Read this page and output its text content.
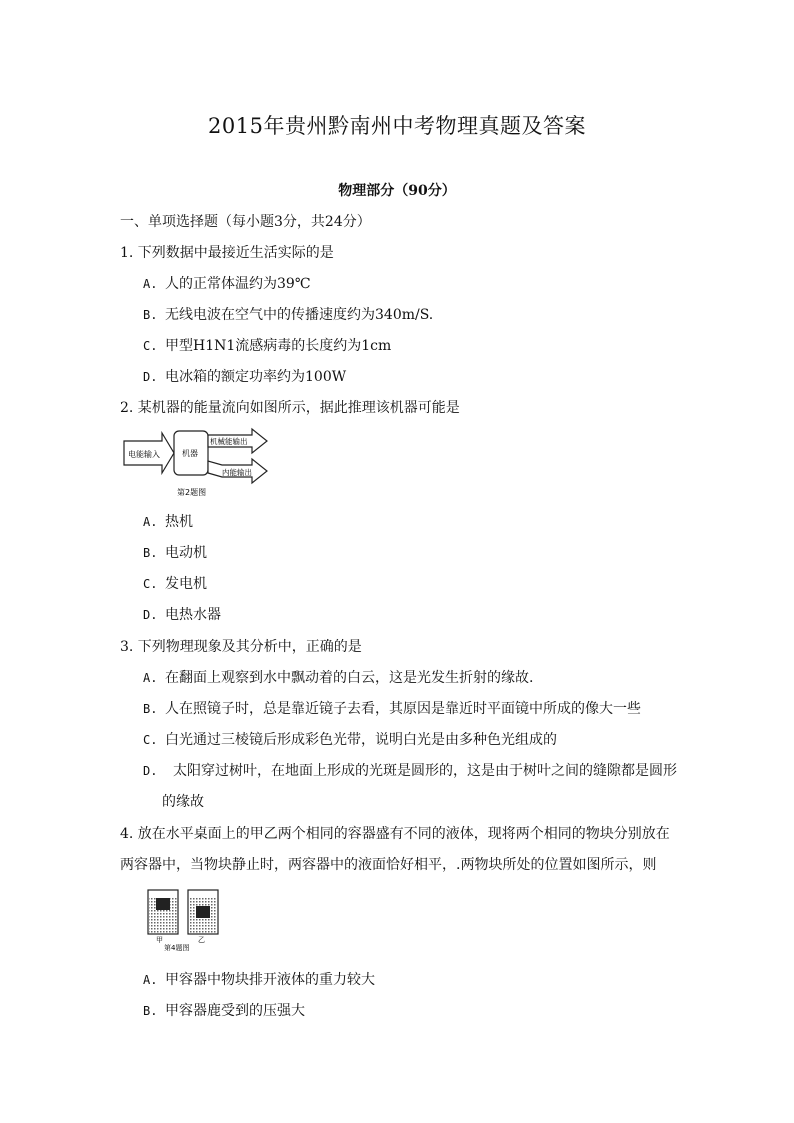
2015年贵州黔南州中考物理真题及答案
物理部分（90分）
一、单项选择题（每小题3分，共24分）
1. 下列数据中最接近生活实际的是
A. 人的正常体温约为39℃
B. 无线电波在空气中的传播速度约为340m/S.
C. 甲型H1N1流感病毒的长度约为1cm
D. 电冰箱的额定功率约为100W
2. 某机器的能量流向如图所示，据此推理该机器可能是
电能输入	机器
机械能输出
内能输出
第2题图
A. 热机
B. 电动机
C. 发电机
D. 电热水器
3. 下列物理现象及其分析中，正确的是
A. 在翻面上观察到水中飘动着的白云，这是光发生折射的缘故.
B. 人在照镜子时，总是靠近镜子去看，其原因是靠近时平面镜中所成的像大一些
C. 白光通过三棱镜后形成彩色光带，说明白光是由多种色光组成的
D. 太阳穿过树叶，在地面上形成的光斑是圆形的，这是由于树叶之间的缝隙都是圆形
的缘故
4. 放在水平桌面上的甲乙两个相同的容器盛有不同的液体，现将两个相同的物块分别放在
两容器中，当物块静止时，两容器中的液面恰好相平，.两物块所处的位置如图所示，则
甲	乙
第4题图
A. 甲容器中物块排开液体的重力较大
B. 甲容器鹿受到的压强大
